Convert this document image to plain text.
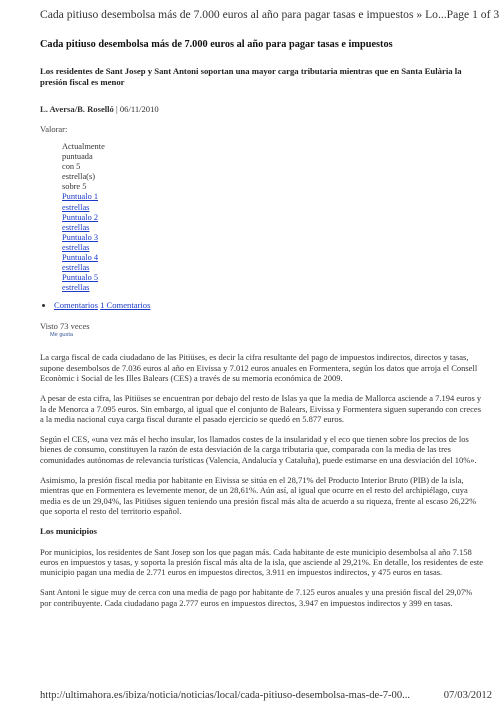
Cada pitiuso desembolsa más de 7.000 euros al año para pagar tasas e impuestos » Lo... Page 1 of 3
Cada pitiuso desembolsa más de 7.000 euros al año para pagar tasas e impuestos
Los residentes de Sant Josep y Sant Antoni soportan una mayor carga tributaria mientras que en Santa Eulària la presión fiscal es menor
L. Aversa/B. Roselló | 06/11/2010
Valorar:
Actualmente
puntuada
con 5
estrella(s)
sobre 5
Puntualo 1
estrellas
Puntualo 2
estrellas
Puntualo 3
estrellas
Puntualo 4
estrellas
Puntualo 5
estrellas
• Comentarios 1 Comentarios
Visto 73 veces
Me gusta

La carga fiscal de cada ciudadano de las Pitiüses, es decir la cifra resultante del pago de impuestos indirectos, directos y tasas, supone desembolsos de 7.036 euros al año en Eivissa y 7.012 euros anuales en Formentera, según los datos que arroja el Consell Econòmic i Social de les Illes Balears (CES) a través de su memoria económica de 2009.

A pesar de esta cifra, las Pitiüses se encuentran por debajo del resto de Islas ya que la media de Mallorca asciende a 7.194 euros y la de Menorca a 7.095 euros. Sin embargo, al igual que el conjunto de Balears, Eivissa y Formentera siguen superando con creces a la media nacional cuya carga fiscal durante el pasado ejercicio se quedó en 5.877 euros.

Según el CES, «una vez más el hecho insular, los llamados costes de la insularidad y el eco que tienen sobre los precios de los bienes de consumo, constituyen la razón de esta desviación de la carga tributaria que, comparada con la media de las tres comunidades autónomas de relevancia turísticas (Valencia, Andalucía y Cataluña), puede estimarse en una desviación del 10%».

Asimismo, la presión fiscal media por habitante en Eivissa se sitúa en el 28,71% del Producto Interior Bruto (PIB) de la isla, mientras que en Formentera es levemente menor, de un 28,61%. Aún así, al igual que ocurre en el resto del archipiélago, cuya media es de un 29,04%, las Pitiüses siguen teniendo una presión fiscal más alta de acuerdo a su riqueza, frente al escaso 26,22% que soporta el resto del territorio español.

Los municipios

Por municipios, los residentes de Sant Josep son los que pagan más. Cada habitante de este municipio desembolsa al año 7.158 euros en impuestos y tasas, y soporta la presión fiscal más alta de la isla, que asciende al 29,21%. En detalle, los residentes de este municipio pagan una media de 2.771 euros en impuestos directos, 3.911 en impuestos indirectos, y 475 euros en tasas.

Sant Antoni le sigue muy de cerca con una media de pago por habitante de 7.125 euros anuales y una presión fiscal del 29,07% por contribuyente. Cada ciudadano paga 2.777 euros en impuestos directos, 3.947 en impuestos indirectos y 399 en tasas.

http://ultimahora.es/ibiza/noticia/noticias/local/cada-pitiuso-desembolsa-mas-de-7-00...	07/03/2012
